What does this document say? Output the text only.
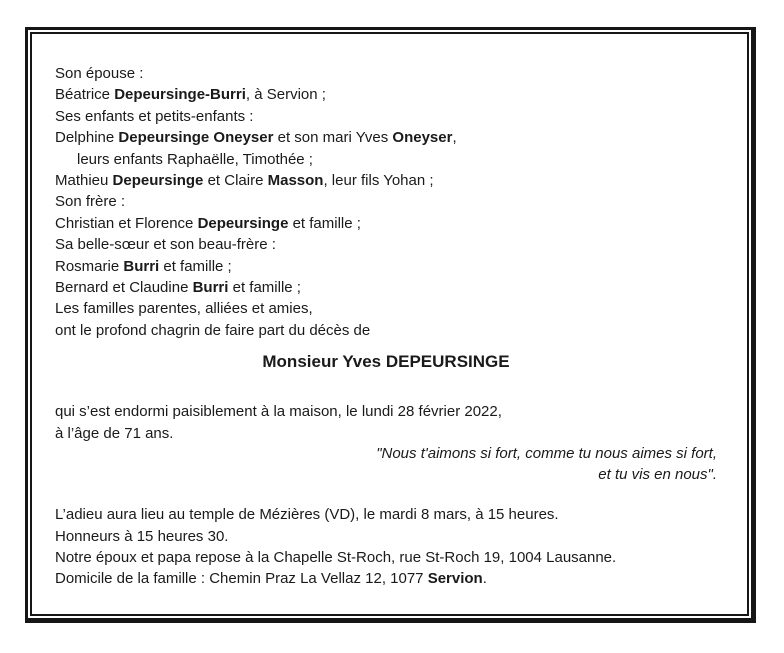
Son épouse :
Béatrice Depeursinge-Burri, à Servion ;
Ses enfants et petits-enfants :
Delphine Depeursinge Oneyser et son mari Yves Oneyser,
leurs enfants Raphaëlle, Timothée ;
Mathieu Depeursinge et Claire Masson, leur fils Yohan ;
Son frère :
Christian et Florence Depeursinge et famille ;
Sa belle-sœur et son beau-frère :
Rosmarie Burri et famille ;
Bernard et Claudine Burri et famille ;
Les familles parentes, alliées et amies,
ont le profond chagrin de faire part du décès de
Monsieur Yves DEPEURSINGE
qui s’est endormi paisiblement à la maison, le lundi 28 février 2022,
à l’âge de 71 ans.
"Nous t'aimons si fort, comme tu nous aimes si fort,
et tu vis en nous".
L’adieu aura lieu au temple de Mézières (VD), le mardi 8 mars, à 15 heures.
Honneurs à 15 heures 30.
Notre époux et papa repose à la Chapelle St-Roch, rue St-Roch 19, 1004 Lausanne.
Domicile de la famille : Chemin Praz La Vellaz 12, 1077 Servion.
